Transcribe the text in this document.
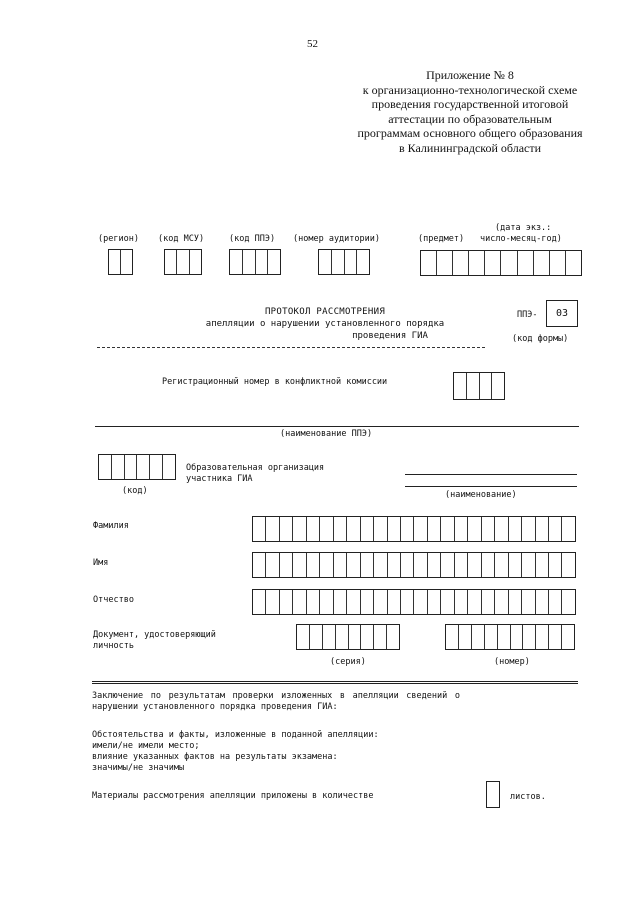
52
Приложение № 8
к организационно-технологической схеме
проведения государственной итоговой
аттестации по образовательным
программам основного общего образования
в Калининградской области
(регион) (код МСУ)	(код ППЭ) (номер аудитории)	(предмет)
(дата экз.:
число-месяц-год)
ПРОТОКОЛ РАССМОТРЕНИЯ
апелляции о нарушении установленного порядка
проведения ГИА
ППЭ- 03
(код формы)
Регистрационный номер в конфликтной комиссии
(наименование ППЭ)
(код)
Образовательная организация
участника ГИА
(наименование)
Фамилия
Имя
Отчество
Документ, удостоверяющий
личность
(серия)	(номер)
Заключение по результатам проверки изложенных в апелляции сведений о
нарушении установленного порядка проведения ГИА:
Обстоятельства и факты, изложенные в поданной апелляции:
имели/не имели место;
влияние указанных фактов на результаты экзамена:
значимы/не значимы
Материалы рассмотрения апелляции приложены в количестве	листов.
